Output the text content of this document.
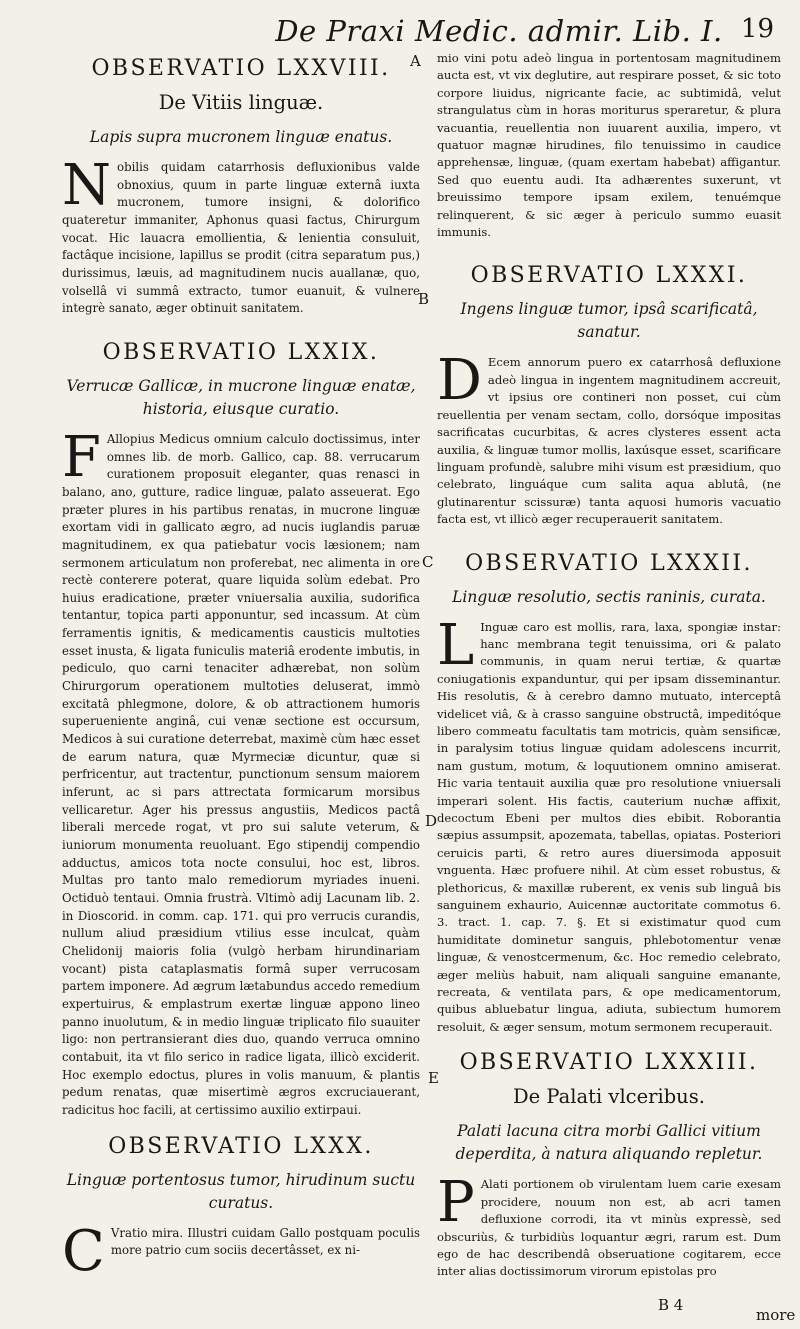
De Praxi Medic. admir. Lib. I. 19
OBSERVATIO LXXVIII.
De Vitiis linguæ.
Lapis supra mucronem linguæ enatus.

Nobilis quidam catarrhosis defluxionibus valde obnoxius, quum in parte linguæ externâ iuxta mucronem, tumore insigni, & dolorifico quateretur immaniter, Aphonus quasi factus, Chirurgum vocat. Hic lauacra emollientia, & lenientia consuluit, factâque incisione, lapillus se prodit (citra separatum pus,) durissimus, læuis, ad magnitudinem nucis auallanæ, quo, volsellâ vi summâ extracto, tumor euanuit, & vulnere integrè sanato, æger obtinuit sanitatem.

OBSERVATIO LXXIX.
Verrucæ Gallicæ, in mucrone linguæ enatæ, historia, eiusque curatio.

F Allopius Medicus omnium calculo doctissimus, inter omnes lib. de morb. Gallico, cap. 88. verrucarum curationem proposuit eleganter, quas renasci in balano, ano, gutture, radice linguæ, palato asseuerat. Ego præter plures in his partibus renatas, in mucrone linguæ exortam vidi in gallicato ægro, ad nucis iuglandis paruæ magnitudinem, ex qua patiebatur vocis læsionem; nam sermonem articulatum non proferebat, nec alimenta in ore rectè conterere poterat, quare liquida solùm edebat. Pro huius eradicatione, præter vniuersalia auxilia, sudorifica tentantur, topica parti apponuntur, sed incassum. At cùm ferramentis ignitis, & medicamentis causticis multoties esset inusta, & ligata funiculis materiâ erodente imbutis, in pediculo, quo carni tenaciter adhærebat, non solùm Chirurgorum operationem multoties deluserat, immò excitatâ phlegmone, dolore, & ob attractionem humoris superueniente anginâ, cui venæ sectione est occursum, Medicos à sui curatione deterrebat, maximè cùm hæc esset de earum natura, quæ Myrmeciæ dicuntur, quæ si perfricentur, aut tractentur, punctionum sensum maiorem inferunt, ac si pars attrectata formicarum morsibus vellicaretur. Ager his pressus angustiis, Medicos pactâ liberali mercede rogat, vt pro sui salute veterum, & iuniorum monumenta reuoluant. Ego stipendij compendio adductus, amicos tota nocte consului, hoc est, libros. Multas pro tanto malo remediorum myriades inueni. Octiduò tentaui. Omnia frustrà. Vltimò adij Lacunam lib. 2. in Dioscorid. in comm. cap. 171. qui pro verrucis curandis, nullum aliud præsidium vtilius esse inculcat, quàm Chelidonij maioris folia (vulgò herbam hirundinariam vocant) pista cataplasmatis formâ super verrucosam partem imponere. Ad ægrum lætabundus accedo remedium expertuirus, & emplastrum exertæ linguæ appono lineo panno inuolutum, & in medio linguæ triplicato filo suauiter ligo: non pertransierant dies duo, quando verruca omnino contabuit, ita vt filo serico in radice ligata, illicò exciderit. Hoc exemplo edoctus, plures in volis manuum, & plantis pedum renatas, quæ misertimè ægros excruciauerant, radicitus hoc facili, at certissimo auxilio extirpaui.

OBSERVATIO LXXX.
Linguæ portentosus tumor, hirudinum suctu curatus.

C Vratio mira. Illustri cuidam Gallo postquam poculis more patrio cum sociis decertâsset, ex ni-

A
B
C
D
E

mio vini potu adeò lingua in portentosam magnitudinem aucta est, vt vix deglutire, aut respirare posset, & sic toto corpore liuidus, nigricante facie, ac subtimidâ, velut strangulatus cùm in horas moriturus speraretur, & plura vacuantia, reuellentia non iuuarent auxilia, impero, vt quatuor magnæ hirudines, filo tenuissimo in caudice apprehensæ, linguæ, (quam exertam habebat) affigantur. Sed quo euentu audi. Ita adhærentes suxerunt, vt breuissimo tempore ipsam exilem, tenuémque relinquerent, & sic æger à periculo summo euasit immunis.

OBSERVATIO LXXXI.
Ingens linguæ tumor, ipsâ scarificatâ, sanatur.

D Ecem annorum puero ex catarrhosâ defluxione adeò lingua in ingentem magnitudinem accreuit, vt ipsius ore contineri non posset, cui cùm reuellentia per venam sectam, collo, dorsóque impositas sacrificatas cucurbitas, & acres clysteres essent acta auxilia, & linguæ tumor mollis, laxúsque esset, scarificare linguam profundè, salubre mihi visum est præsidium, quo celebrato, linguáque cum salita aqua ablutâ, (ne glutinarentur scissuræ) tanta aquosi humoris vacuatio facta est, vt illicò æger recuperauerit sanitatem.

OBSERVATIO LXXXII.
Linguæ resolutio, sectis raninis, curata.

L Inguæ caro est mollis, rara, laxa, spongiæ instar: hanc membrana tegit tenuissima, ori & palato communis, in quam nerui tertiæ, & quartæ coniugationis expanduntur, qui per ipsam disseminantur. His resolutis, & à cerebro damno mutuato, interceptâ videlicet viâ, & à crasso sanguine obstructâ, impeditóque libero commeatu facultatis tam motricis, quàm sensificæ, in paralysim totius linguæ quidam adolescens incurrit, nam gustum, motum, & loquutionem omnino amiserat. Hic varia tentauit auxilia quæ pro resolutione vniuersali imperari solent. His factis, cauterium nuchæ affixit, decoctum Ebeni per multos dies ebibit. Roborantia sæpius assumpsit, apozemata, tabellas, opiatas. Posteriori ceruicis parti, & retro aures diuersimoda apposuit vnguenta. Hæc profuere nihil. At cùm esset robustus, & plethoricus, & maxillæ ruberent, ex venis sub linguâ bis sanguinem exhaurio, Auicennæ auctoritate commotus 6. 3. tract. 1. cap. 7. §. Et si existimatur quod cum humiditate dominetur sanguis, phlebotomentur venæ linguæ, & venostcermenum, &c. Hoc remedio celebrato, æger meliùs habuit, nam aliquali sanguine emanante, recreata, & ventilata pars, & ope medicamentorum, quibus abluebatur lingua, adiuta, subiectum humorem resoluit, & æger sensum, motum sermonem recuperauit.

OBSERVATIO LXXXIII.
De Palati vlceribus.
Palati lacuna citra morbi Gallici vitium deperdita, à natura aliquando repletur.

P Alati portionem ob virulentam luem carie exesam procidere, nouum non est, ab acri tamen defluxione corrodi, ita vt minùs expressè, sed obscuriùs, & turbidiùs loquantur ægri, rarum est. Dum ego de hac describendâ obseruatione cogitarem, ecce inter alias doctissimorum virorum epistolas pro

B 4
more
